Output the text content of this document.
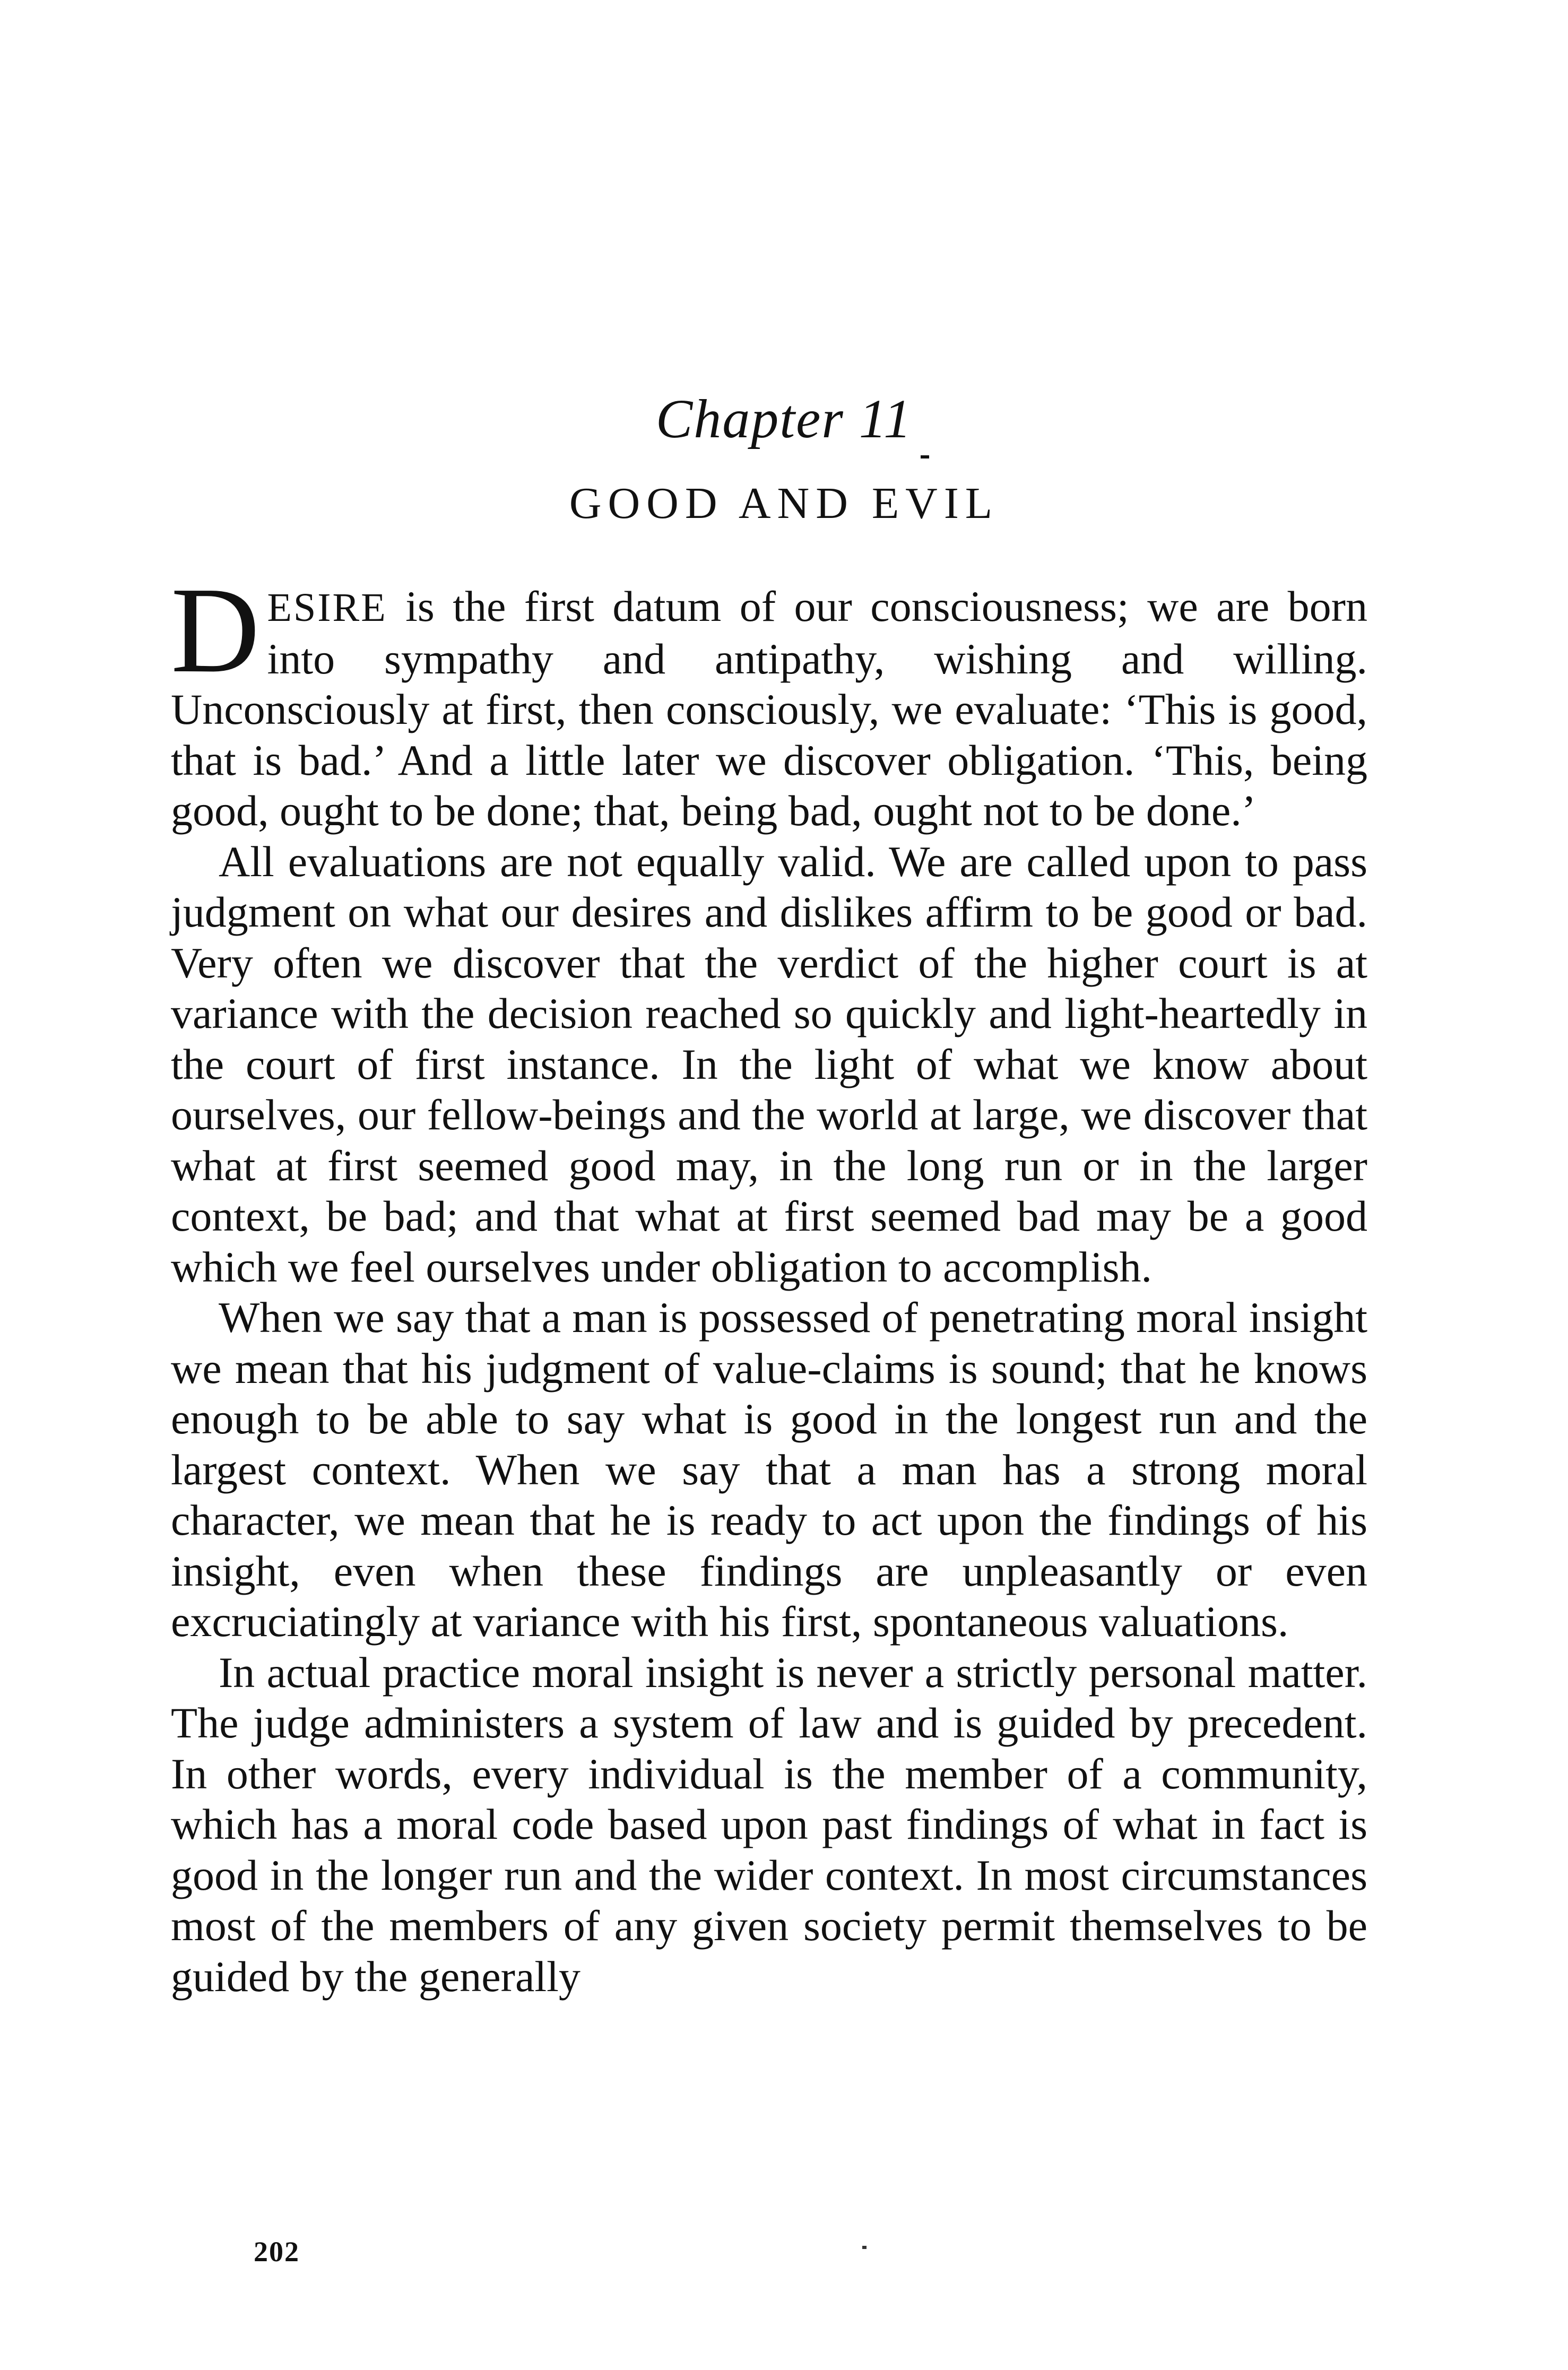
Chapter 11
GOOD AND EVIL

DESIRE is the first datum of our consciousness; we are born into sympathy and antipathy, wishing and willing. Unconsciously at first, then consciously, we evaluate: ‘This is good, that is bad.’ And a little later we discover obligation. ‘This, being good, ought to be done; that, being bad, ought not to be done.’

All evaluations are not equally valid. We are called upon to pass judgment on what our desires and dislikes affirm to be good or bad. Very often we discover that the verdict of the higher court is at variance with the decision reached so quickly and light-heartedly in the court of first instance. In the light of what we know about ourselves, our fellow-beings and the world at large, we discover that what at first seemed good may, in the long run or in the larger context, be bad; and that what at first seemed bad may be a good which we feel ourselves under obligation to accomplish.

When we say that a man is possessed of penetrating moral insight we mean that his judgment of value-claims is sound; that he knows enough to be able to say what is good in the longest run and the largest context. When we say that a man has a strong moral character, we mean that he is ready to act upon the findings of his insight, even when these findings are unpleasantly or even excruciatingly at variance with his first, spontaneous valuations.

In actual practice moral insight is never a strictly personal matter. The judge administers a system of law and is guided by precedent. In other words, every individual is the member of a community, which has a moral code based upon past findings of what in fact is good in the longer run and the wider context. In most circumstances most of the members of any given society permit themselves to be guided by the generally

202
